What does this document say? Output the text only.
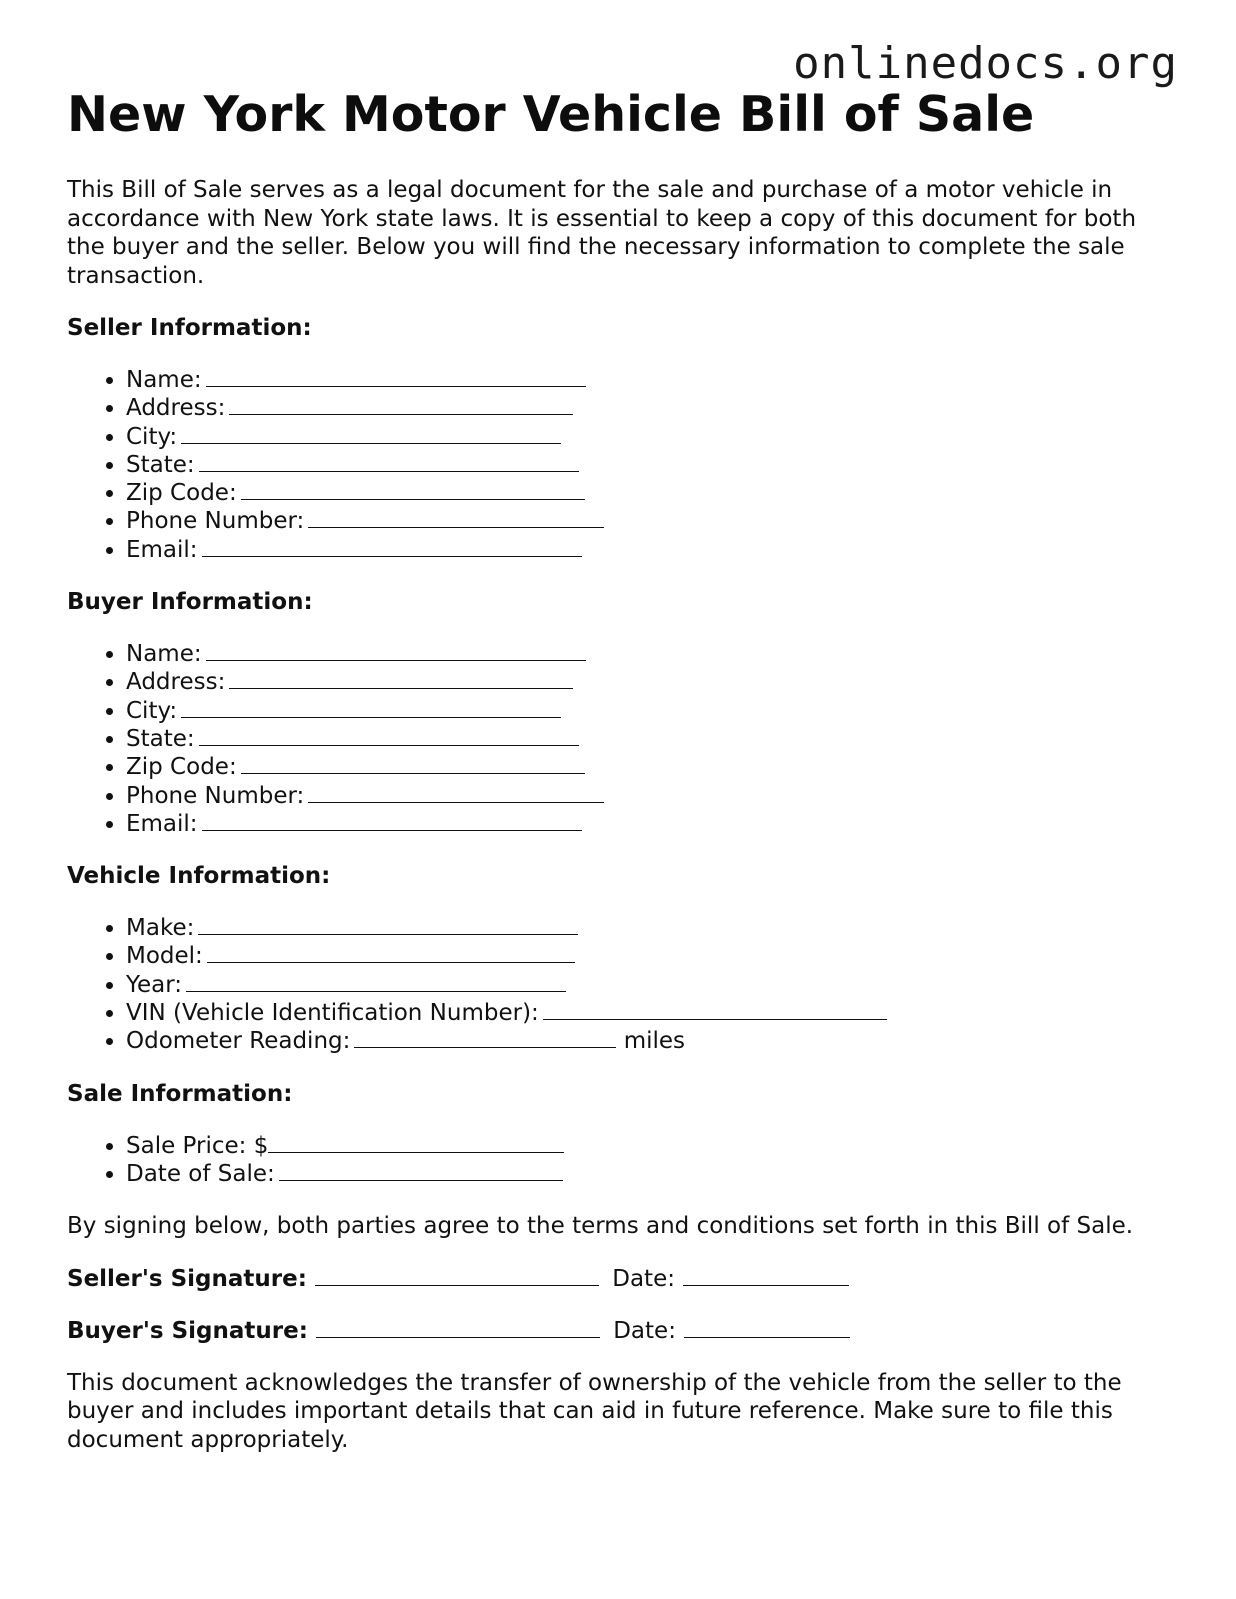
onlinedocs.org
New York Motor Vehicle Bill of Sale

This Bill of Sale serves as a legal document for the sale and purchase of a motor vehicle in accordance with New York state laws. It is essential to keep a copy of this document for both the buyer and the seller. Below you will find the necessary information to complete the sale transaction.

Seller Information:
• Name:
• Address:
• City:
• State:
• Zip Code:
• Phone Number:
• Email:
Buyer Information:
• Name:
• Address:
• City:
• State:
• Zip Code:
• Phone Number:
• Email:
Vehicle Information:
• Make:
• Model:
• Year:
• VIN (Vehicle Identification Number):
• Odometer Reading:	miles
Sale Information:
• Sale Price: $
• Date of Sale:

By signing below, both parties agree to the terms and conditions set forth in this Bill of Sale.

Seller's Signature:	Date:
Buyer's Signature:	Date:

This document acknowledges the transfer of ownership of the vehicle from the seller to the buyer and includes important details that can aid in future reference. Make sure to file this document appropriately.
